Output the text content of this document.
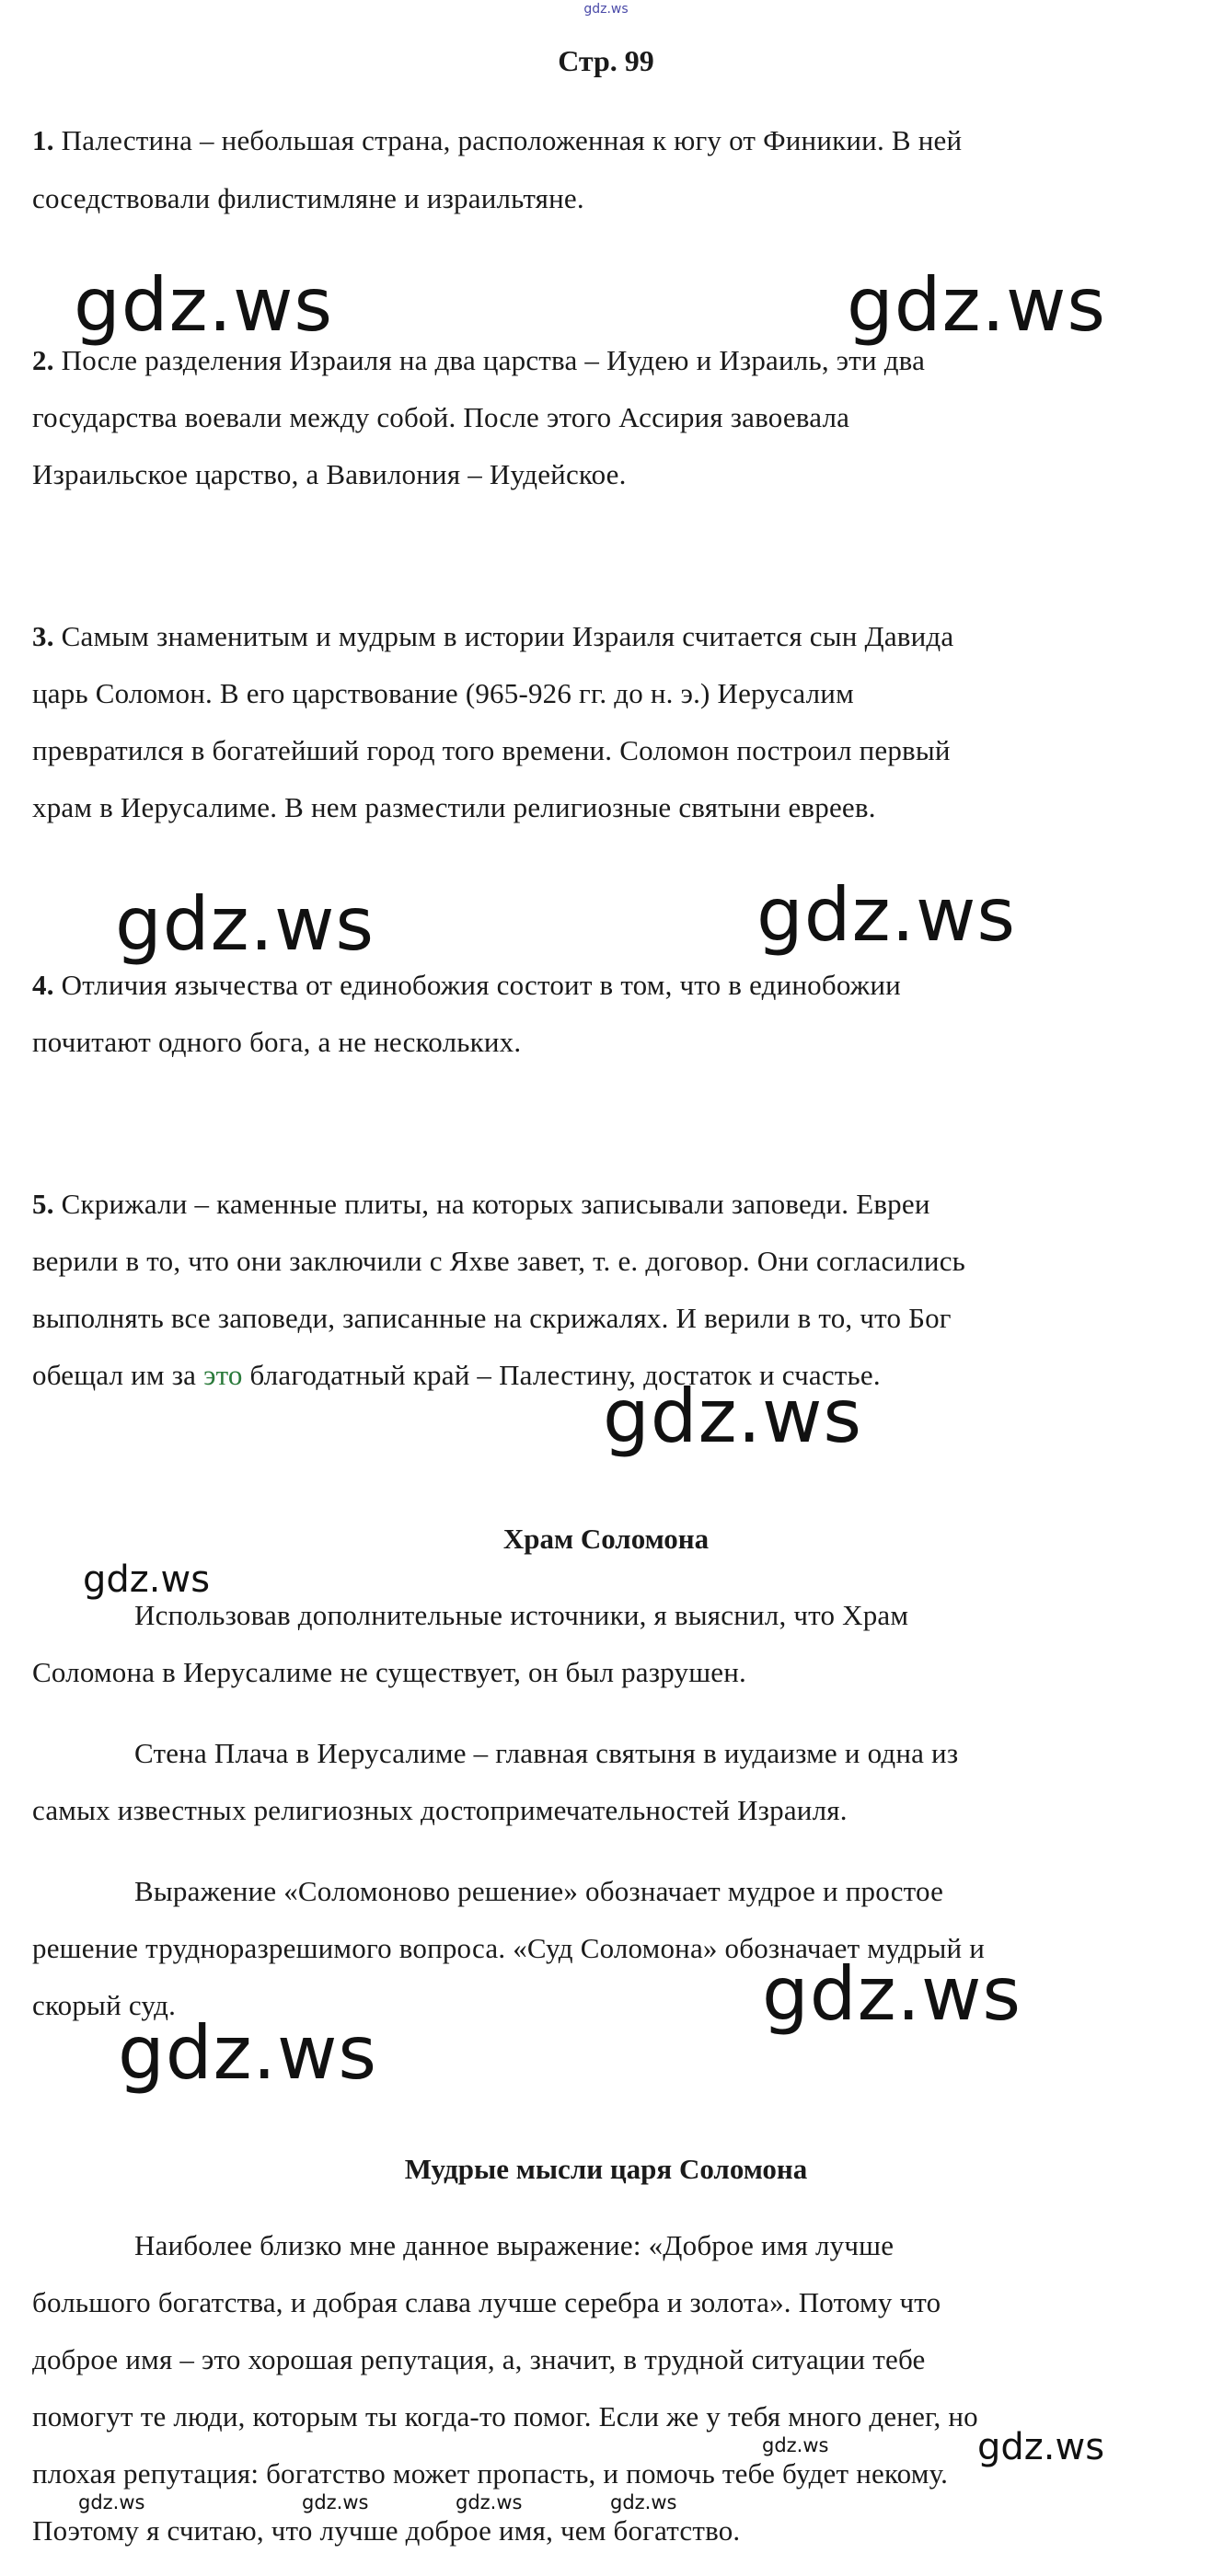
gdz.ws
Стр. 99
1. Палестина – небольшая страна, расположенная к югу от Финикии. В ней
соседствовали филистимляне и израильтяне.
2. После разделения Израиля на два царства – Иудею и Израиль, эти два
государства воевали между собой. После этого Ассирия завоевала
Израильское царство, а Вавилония – Иудейское.
3. Самым знаменитым и мудрым в истории Израиля считается сын Давида
царь Соломон. В его царствование (965-926 гг. до н. э.) Иерусалим
превратился в богатейший город того времени. Соломон построил первый
храм в Иерусалиме. В нем разместили религиозные святыни евреев.
4. Отличия язычества от единобожия состоит в том, что в единобожии
почитают одного бога, а не нескольких.
5. Скрижали – каменные плиты, на которых записывали заповеди. Евреи
верили в то, что они заключили с Яхве завет, т. е. договор. Они согласились
выполнять все заповеди, записанные на скрижалях. И верили в то, что Бог
обещал им за это благодатный край – Палестину, достаток и счастье.
Храм Соломона
Использовав дополнительные источники, я выяснил, что Храм
Соломона в Иерусалиме не существует, он был разрушен.
Стена Плача в Иерусалиме – главная святыня в иудаизме и одна из
самых известных религиозных достопримечательностей Израиля.
Выражение «Соломоново решение» обозначает мудрое и простое
решение трудноразрешимого вопроса. «Суд Соломона» обозначает мудрый и
скорый суд.
Мудрые мысли царя Соломона
Наиболее близко мне данное выражение: «Доброе имя лучше
большого богатства, и добрая слава лучше серебра и золота». Потому что
доброе имя – это хорошая репутация, а, значит, в трудной ситуации тебе
помогут те люди, которым ты когда-то помог. Если же у тебя много денег, но
плохая репутация: богатство может пропасть, и помочь тебе будет некому.
Поэтому я считаю, что лучше доброе имя, чем богатство.
gdz.ws	gdz.ws
gdz.ws	gdz.ws
gdz.ws
gdz.ws
gdz.ws
gdz.ws
gdz.ws
gdz.ws
gdz.ws	gdz.ws	gdz.ws	gdz.ws
